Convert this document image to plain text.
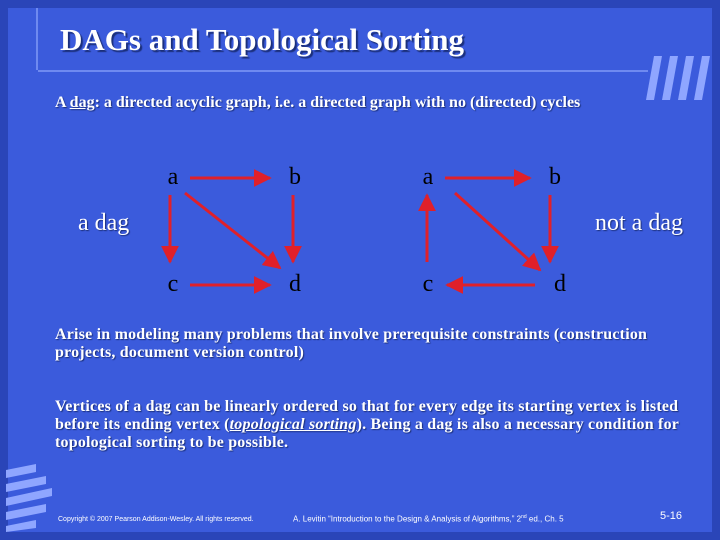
DAGs and Topological Sorting
A dag: a directed acyclic graph, i.e. a directed graph with no (directed) cycles
a	b
c	d
a	b
c	d
a dag	not a dag
Arise in modeling many problems that involve prerequisite constraints (construction projects, document version control)
Vertices of a dag can be linearly ordered so that for every edge its starting vertex is listed before its ending vertex (topological sorting). Being a dag is also a necessary condition for topological sorting to be possible.
Copyright © 2007 Pearson Addison-Wesley. All rights reserved.	A. Levitin “Introduction to the Design & Analysis of Algorithms,” 2nd ed., Ch. 5	5-16
